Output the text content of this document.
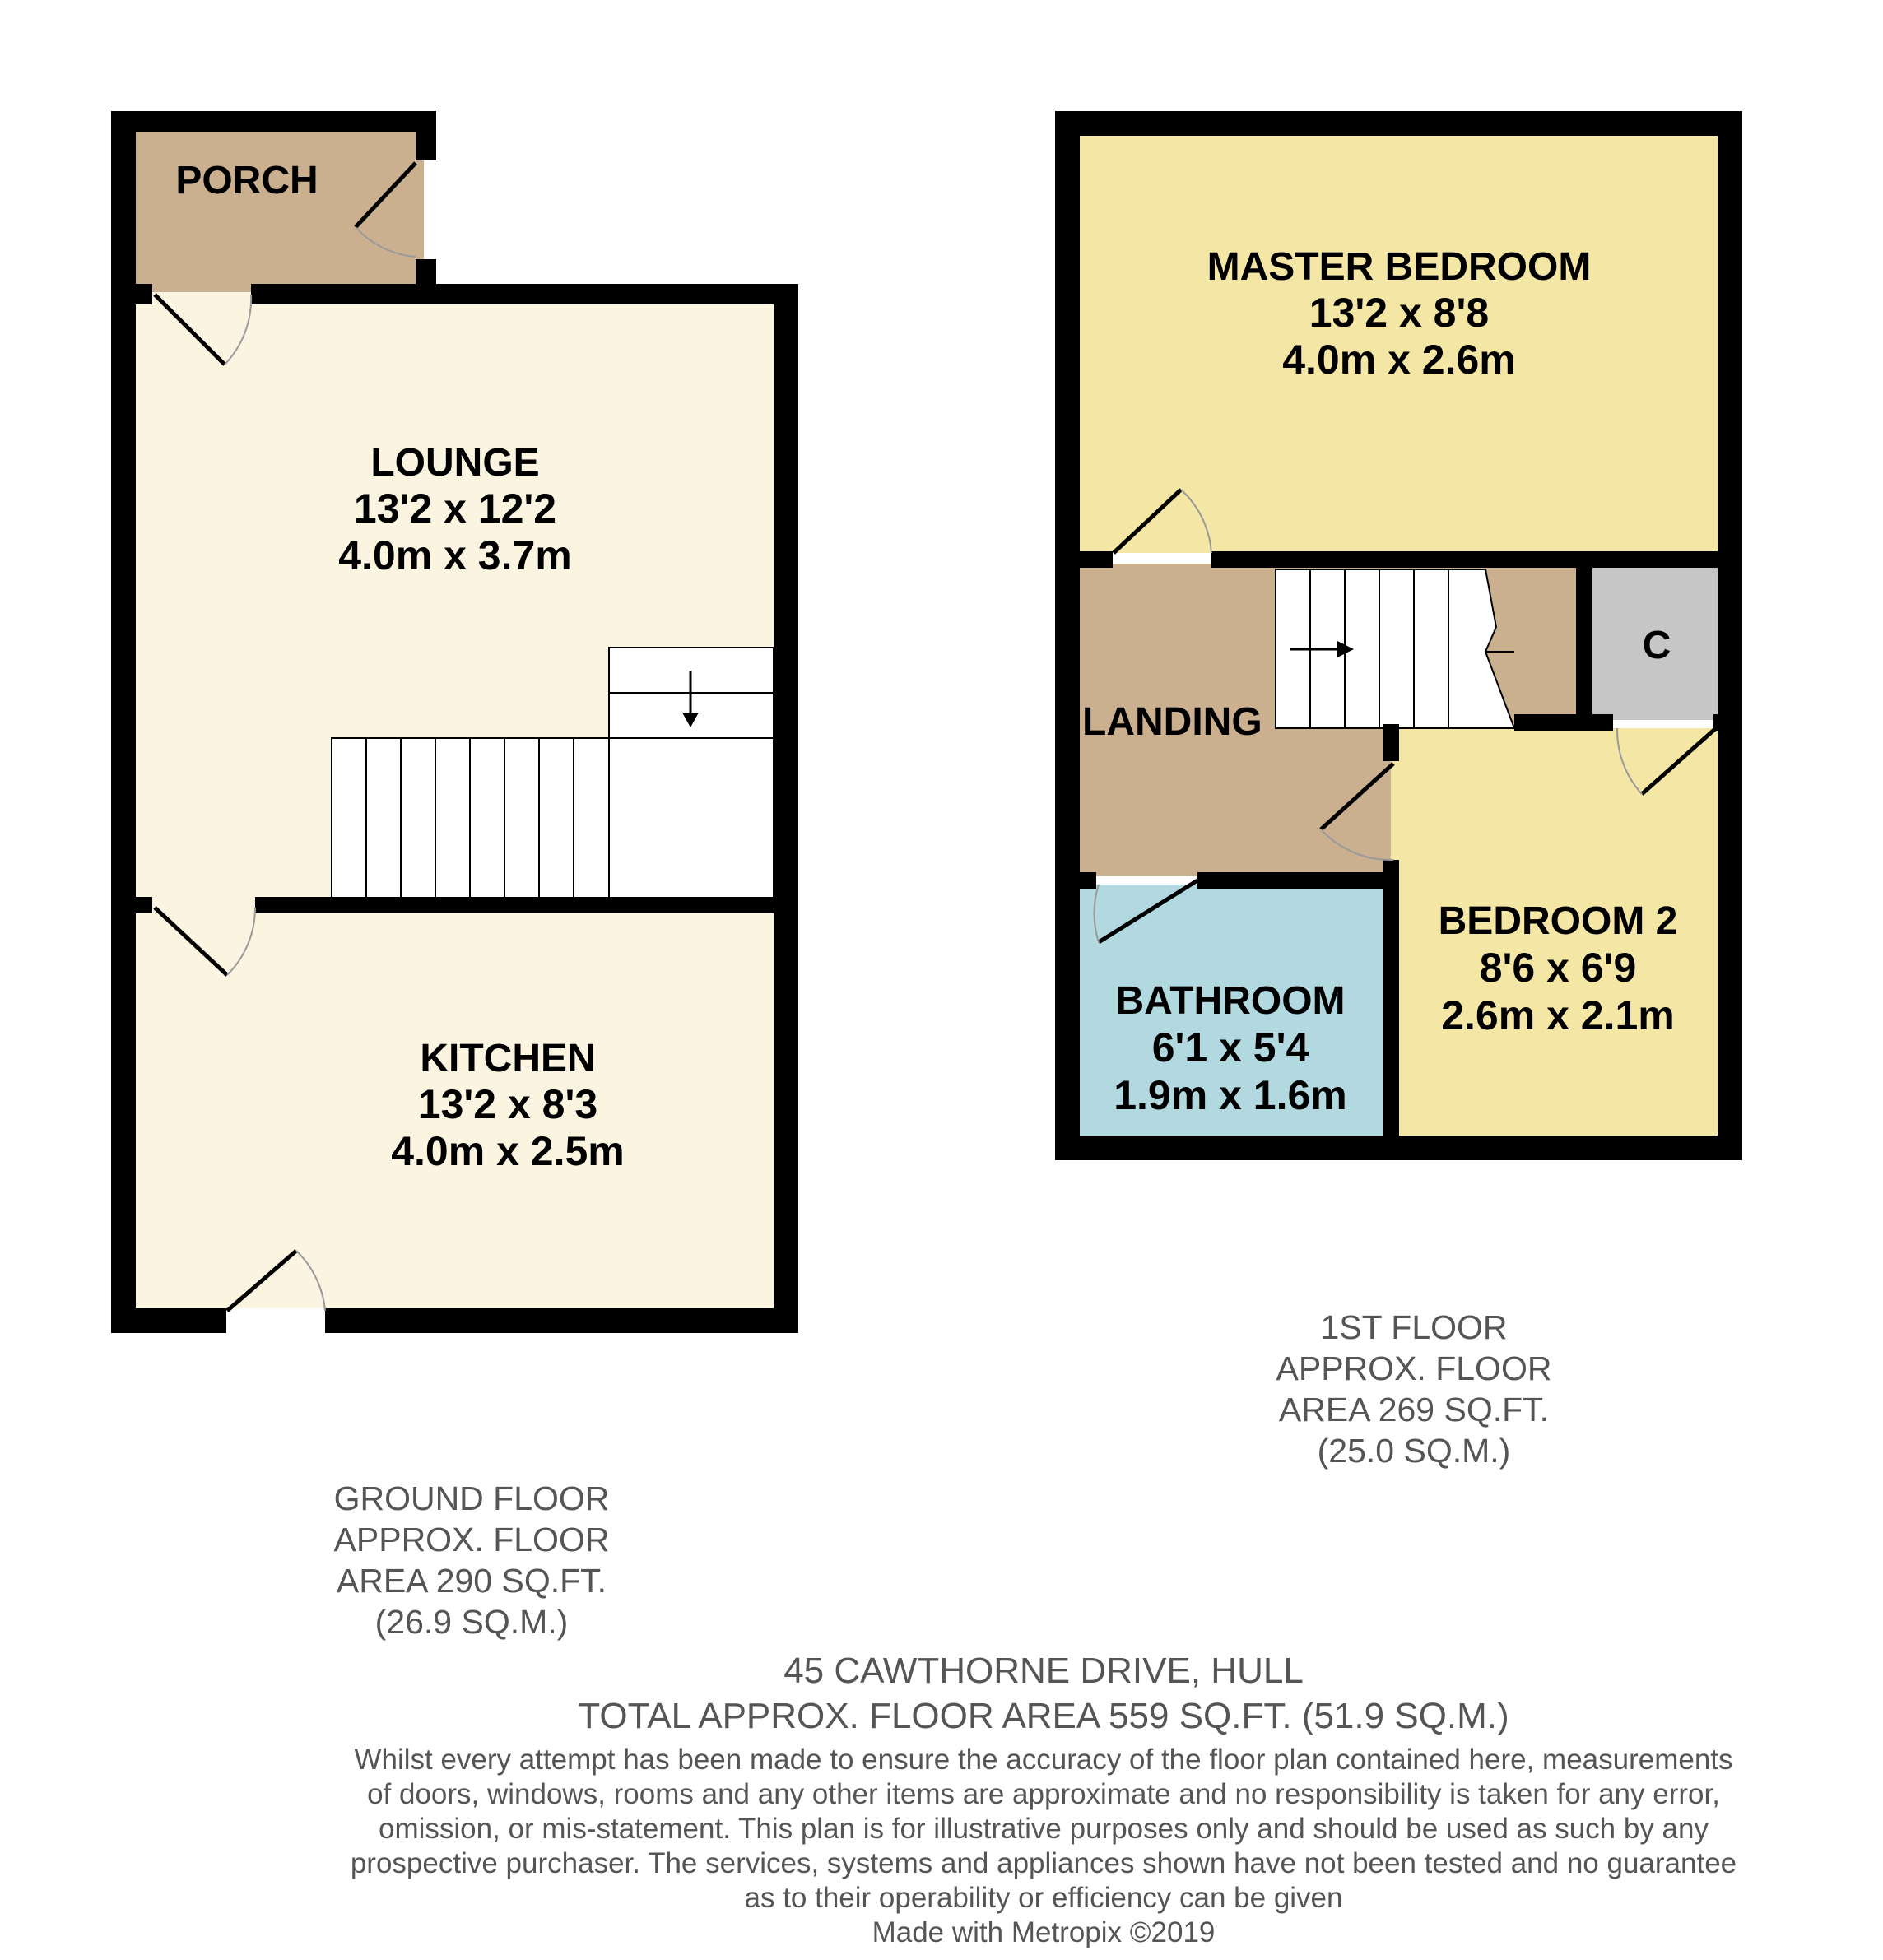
PORCH
LOUNGE
13'2 x 12'2
4.0m x 3.7m
KITCHEN
13'2 x 8'3
4.0m x 2.5m
MASTER BEDROOM
13'2 x 8'8
4.0m x 2.6m
LANDING
C
BATHROOM
6'1 x 5'4
1.9m x 1.6m
BEDROOM 2
8'6 x 6'9
2.6m x 2.1m
1ST FLOOR
APPROX. FLOOR
AREA 269 SQ.FT.
(25.0 SQ.M.)
GROUND FLOOR
APPROX. FLOOR
AREA 290 SQ.FT.
(26.9 SQ.M.)
45 CAWTHORNE DRIVE, HULL
TOTAL APPROX. FLOOR AREA 559 SQ.FT. (51.9 SQ.M.)
Whilst every attempt has been made to ensure the accuracy of the floor plan contained here, measurements
of doors, windows, rooms and any other items are approximate and no responsibility is taken for any error,
omission, or mis-statement. This plan is for illustrative purposes only and should be used as such by any
prospective purchaser. The services, systems and appliances shown have not been tested and no guarantee
as to their operability or efficiency can be given
Made with Metropix ©2019
